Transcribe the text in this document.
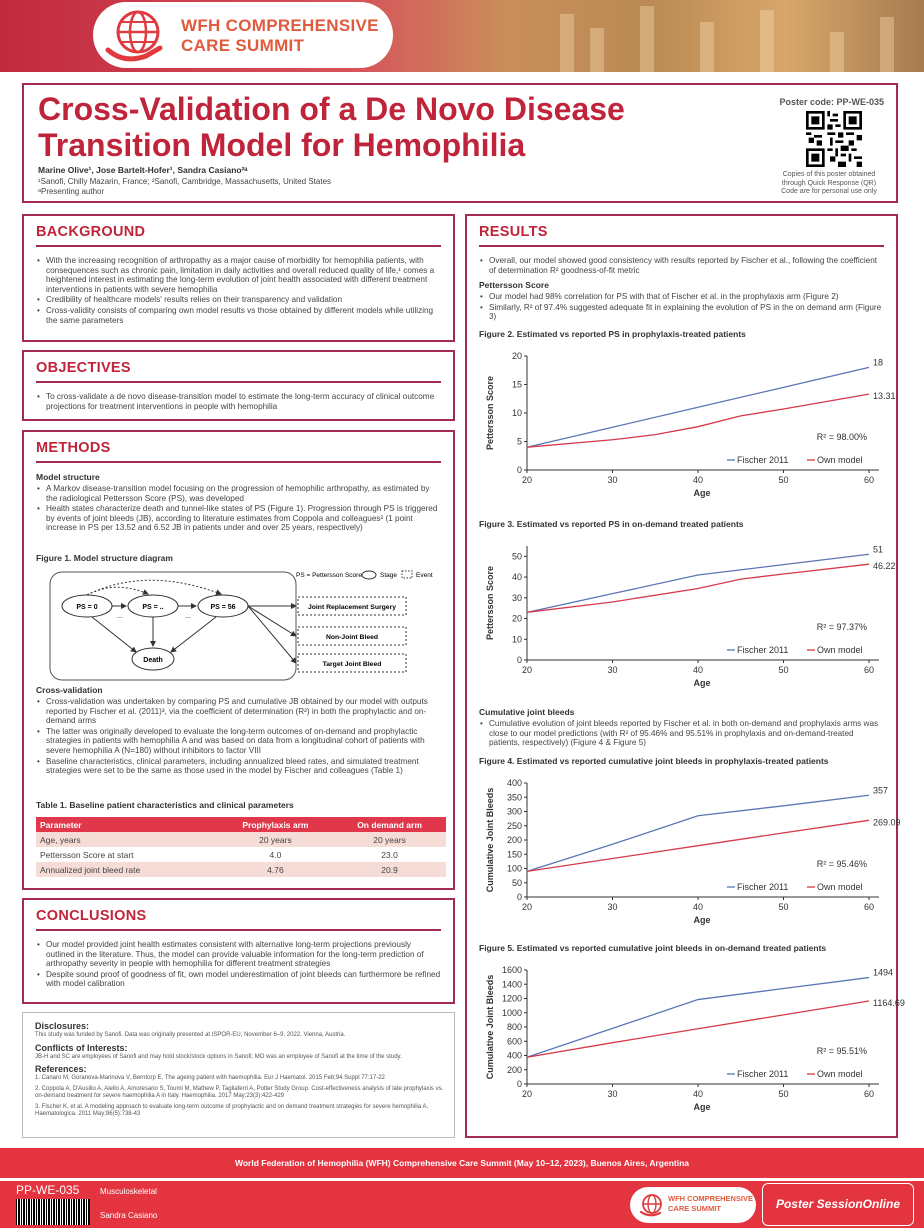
WFH COMPREHENSIVE
CARE SUMMIT
Cross-Validation of a De Novo Disease Transition Model for Hemophilia
Marine Olive¹, Jose Bartelt-Hofer¹, Sandra Casiano²ᵃ
¹Sanofi, Chilly Mazarin, France; ²Sanofi, Cambridge, Massachusetts, United States
ᵃPresenting author
Poster code: PP-WE-035
Copies of this poster obtained through Quick Response (QR) Code are for personal use only
BACKGROUND
• With the increasing recognition of arthropathy as a major cause of morbidity for hemophilia patients, with consequences such as chronic pain, limitation in daily activities and overall reduced quality of life,¹ comes a heightened interest in estimating the long-term evolution of joint health associated with different treatment interventions in patients with severe hemophilia
• Credibility of healthcare models' results relies on their transparency and validation
• Cross-validity consists of comparing own model results vs those obtained by different models while utilizing the same parameters
OBJECTIVES
• To cross-validate a de novo disease-transition model to estimate the long-term accuracy of clinical outcome projections for treatment interventions in people with hemophilia
METHODS
Model structure
• A Markov disease-transition model focusing on the progression of hemophilic arthropathy, as estimated by the radiological Pettersson Score (PS), was developed
• Health states characterize death and tunnel-like states of PS (Figure 1). Progression through PS is triggered by events of joint bleeds (JB), according to literature estimates from Coppola and colleagues² (1 point increase in PS per 13.52 and 6.52 JB in patients under and over 25 years, respectively)
Figure 1. Model structure diagram
PS = 0	PS = ..	PS = 56
Death
...	...
Joint Replacement Surgery
Non-Joint Bleed
Target Joint Bleed
PS = Pettersson Score	Stage	Event
Cross-validation
• Cross-validation was undertaken by comparing PS and cumulative JB obtained by our model with outputs reported by Fischer et al. (2011)³, via the coefficient of determination (R²) in both the prophylactic and on-demand arms
• The latter was originally developed to evaluate the long-term outcomes of on-demand and prophylactic strategies in patients with hemophilia A and was based on data from a longitudinal cohort of patients with severe hemophilia A (N=180) without inhibitors to factor VIII
• Baseline characteristics, clinical parameters, including annualized bleed rates, and simulated treatment strategies were set to be the same as those used in the model by Fischer and colleagues (Table 1)
Table 1. Baseline patient characteristics and clinical parameters
Parameter	Prophylaxis arm	On demand arm
Age, years	20 years	20 years
Pettersson Score at start	4.0	23.0
Annualized joint bleed rate	4.76	20.9
CONCLUSIONS
• Our model provided joint health estimates consistent with alternative long-term projections previously outlined in the literature. Thus, the model can provide valuable information for the long-term prediction of arthropathy severity in people with hemophilia for different treatment strategies
• Despite sound proof of goodness of fit, own model underestimation of joint bleeds can furthermore be refined with model calibration
Disclosures:
This study was funded by Sanofi. Data was originally presented at ISPOR-EU, November 6–9, 2022, Vienna, Austria.
Conflicts of Interests:
JB-H and SC are employees of Sanofi and may hold stock/stock options in Sanofi; MO was an employee of Sanofi at the time of the study.
References:
1. Canaro M, Goranova-Marinova V, Berntorp E. The ageing patient with haemophilia. Eur J Haematol. 2015 Feb;94 Suppl 77:17-22
2. Coppola A, D'Ausilio A, Aiello A, Amoresano S, Toumi M, Mathew P, Tagliaferri A, Potter Study Group. Cost-effectiveness analysis of late prophylaxis vs. on-demand treatment for severe haemophilia A in Italy. Haemophilia. 2017 May;23(3):422-429
3. Fischer K, et al. A modeling approach to evaluate long-term outcome of prophylactic and on demand treatment strategies for severe hemophilia A. Haematologica. 2011 May;96(5):738-43
RESULTS
• Overall, our model showed good consistency with results reported by Fischer et al., following the coefficient of determination R² goodness-of-fit metric
Pettersson Score
• Our model had 98% correlation for PS with that of Fischer et al. in the prophylaxis arm (Figure 2)
• Similarly, R² of 97.4% suggested adequate fit in explaining the evolution of PS in the on demand arm (Figure 3)
Figure 2. Estimated vs reported PS in prophylaxis-treated patients
0
5
10
15
20
20	30	40	50	60
Age
Pettersson Score
18
13.31
R² = 98.00%
Fischer 2011	Own model
Figure 3. Estimated vs reported PS in on-demand treated patients
0
10
20
30
40
50
20	30	40	50	60
Age
Pettersson Score
51
46.22
R² = 97.37%
Fischer 2011	Own model
Cumulative joint bleeds
• Cumulative evolution of joint bleeds reported by Fischer et al. in both on-demand and prophylaxis arms was close to our model predictions (with R² of 95.46% and 95.51% in prophylaxis and on-demand-treated patients, respectively) (Figure 4 & Figure 5)
Figure 4. Estimated vs reported cumulative joint bleeds in prophylaxis-treated patients
0
50
100
150
200
250
300
350
400
20	30	40	50	60
Age
Cumulative Joint Bleeds	357
269.09
R² = 95.46%
Fischer 2011	Own model
Figure 5. Estimated vs reported cumulative joint bleeds in on-demand treated patients
0
200
400
600
800
1000
1200
1400
1600
20	30	40	50	60
Age
Cumulative Joint Bleeds
1494
1164.69
R² = 95.51%
Fischer 2011	Own model
World Federation of Hemophilia (WFH) Comprehensive Care Summit (May 10–12, 2023), Buenos Aires, Argentina
PP-WE-035	Musculoskeletal
Sandra Casiano
WFH COMPREHENSIVE
CARE SUMMIT	Poster SessionOnline
